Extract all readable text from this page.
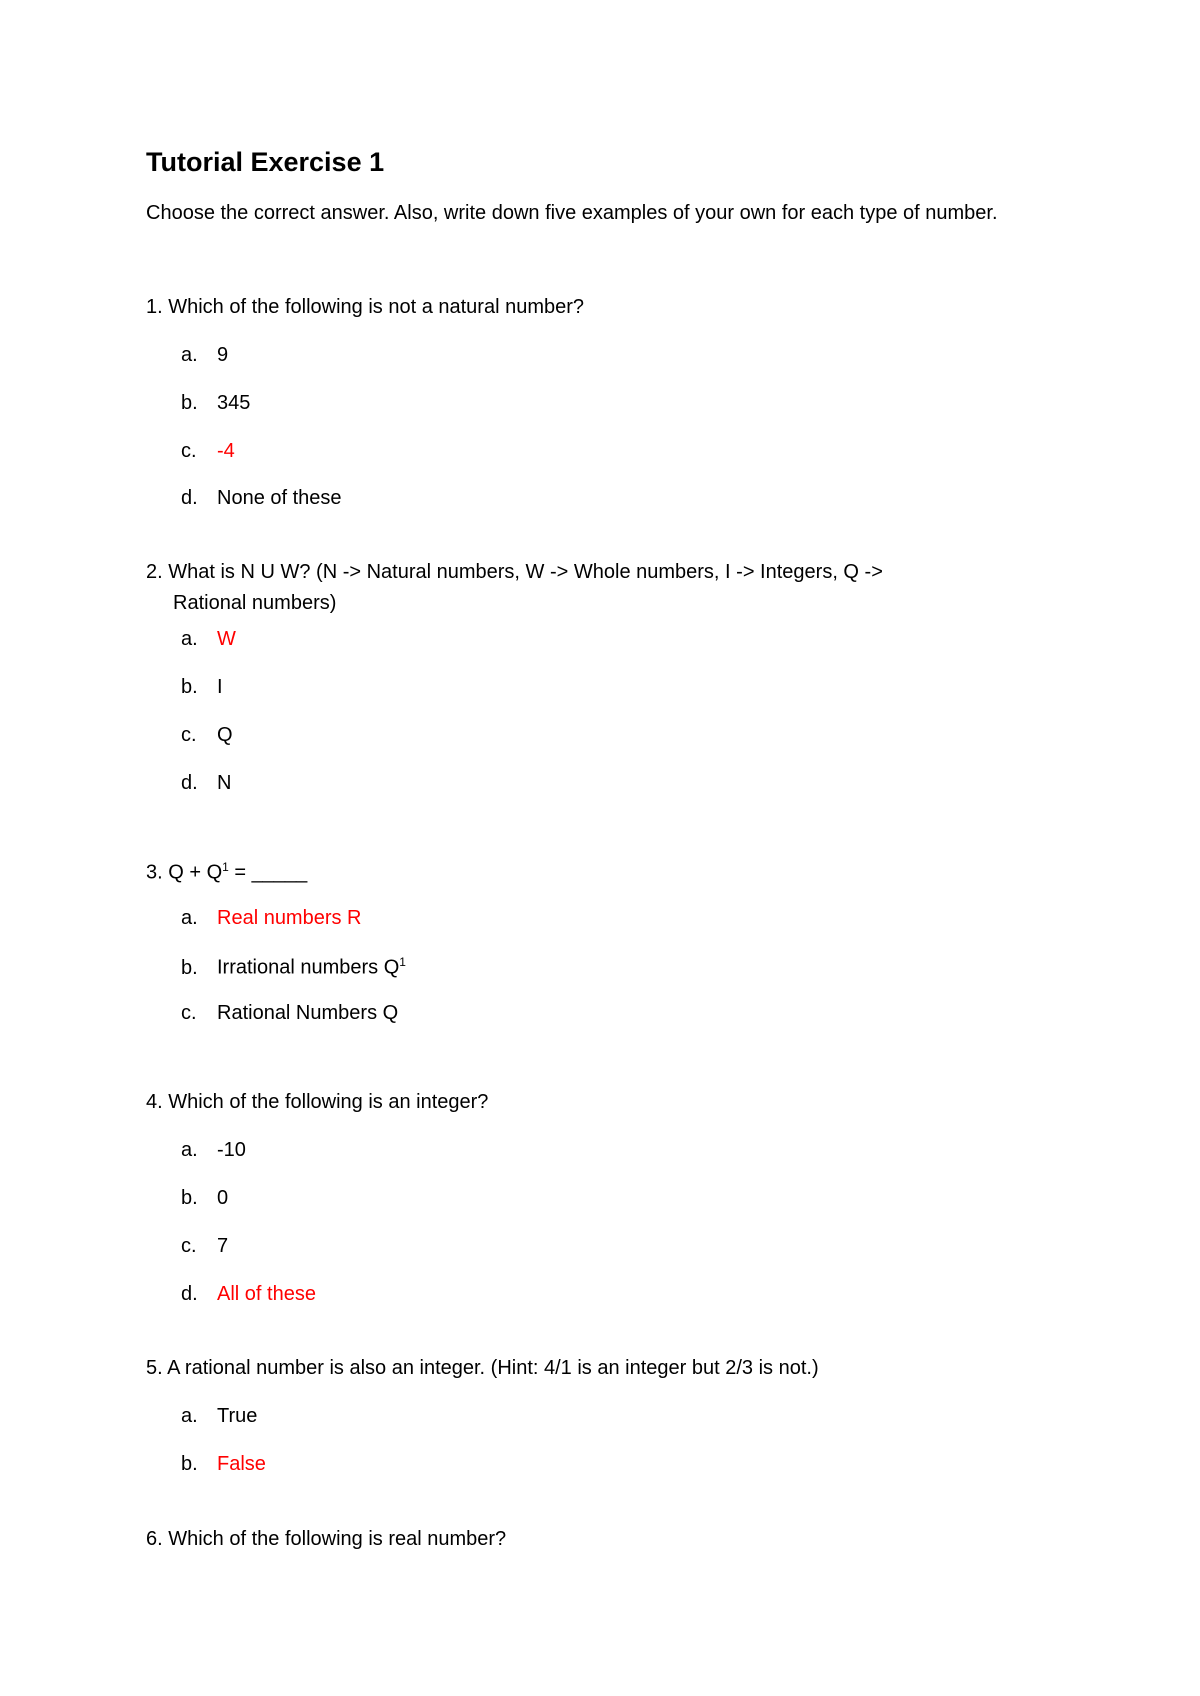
Tutorial Exercise 1
Choose the correct answer. Also, write down five examples of your own for each type of number.
1. Which of the following is not a natural number?
a. 9
b. 345
c. -4
d. None of these
2. What is N U W? (N -> Natural numbers, W -> Whole numbers, I -> Integers, Q ->
Rational numbers)
a. W
b. I
c. Q
d. N
3. $Q + Q^1$ = _____
a. Real numbers R
b. Irrational numbers $Q^1$
c. Rational Numbers Q
4. Which of the following is an integer?
a. -10
b. 0
c. 7
d. All of these
5. A rational number is also an integer. (Hint: 4/1 is an integer but 2/3 is not.)
a. True
b. False
6. Which of the following is real number?
